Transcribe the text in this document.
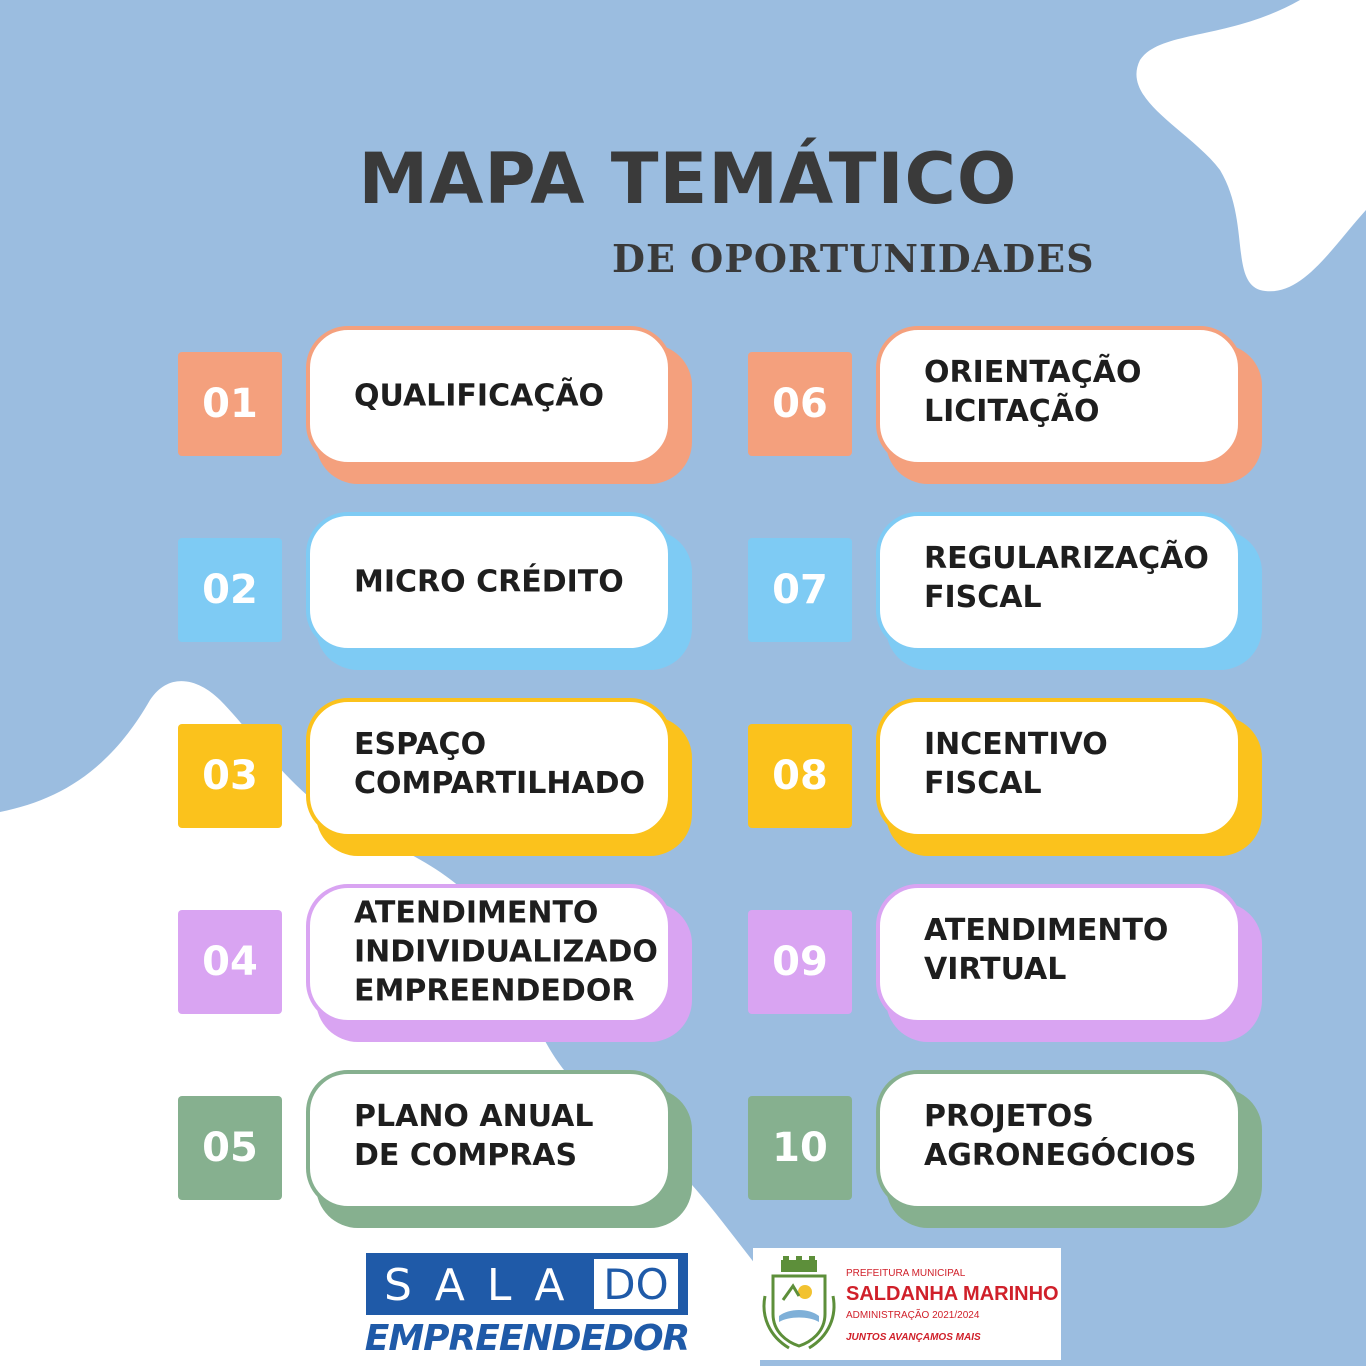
MAPA TEMÁTICO
DE OPORTUNIDADES
01	QUALIFICAÇÃO
02	MICRO CRÉDITO
03
ESPAÇO
COMPARTILHADO
04
ATENDIMENTO
INDIVIDUALIZADO
EMPREENDEDOR
05
PLANO ANUAL
DE COMPRAS
06
ORIENTAÇÃO
LICITAÇÃO
07
REGULARIZAÇÃO
FISCAL
08
INCENTIVO
FISCAL
09
ATENDIMENTO
VIRTUAL
10
PROJETOS
AGRONEGÓCIOS
SALA DO
EMPREENDEDOR
PREFEITURA MUNICIPAL
SALDANHA MARINHO
ADMINISTRAÇÃO 2021/2024
JUNTOS AVANÇAMOS MAIS
